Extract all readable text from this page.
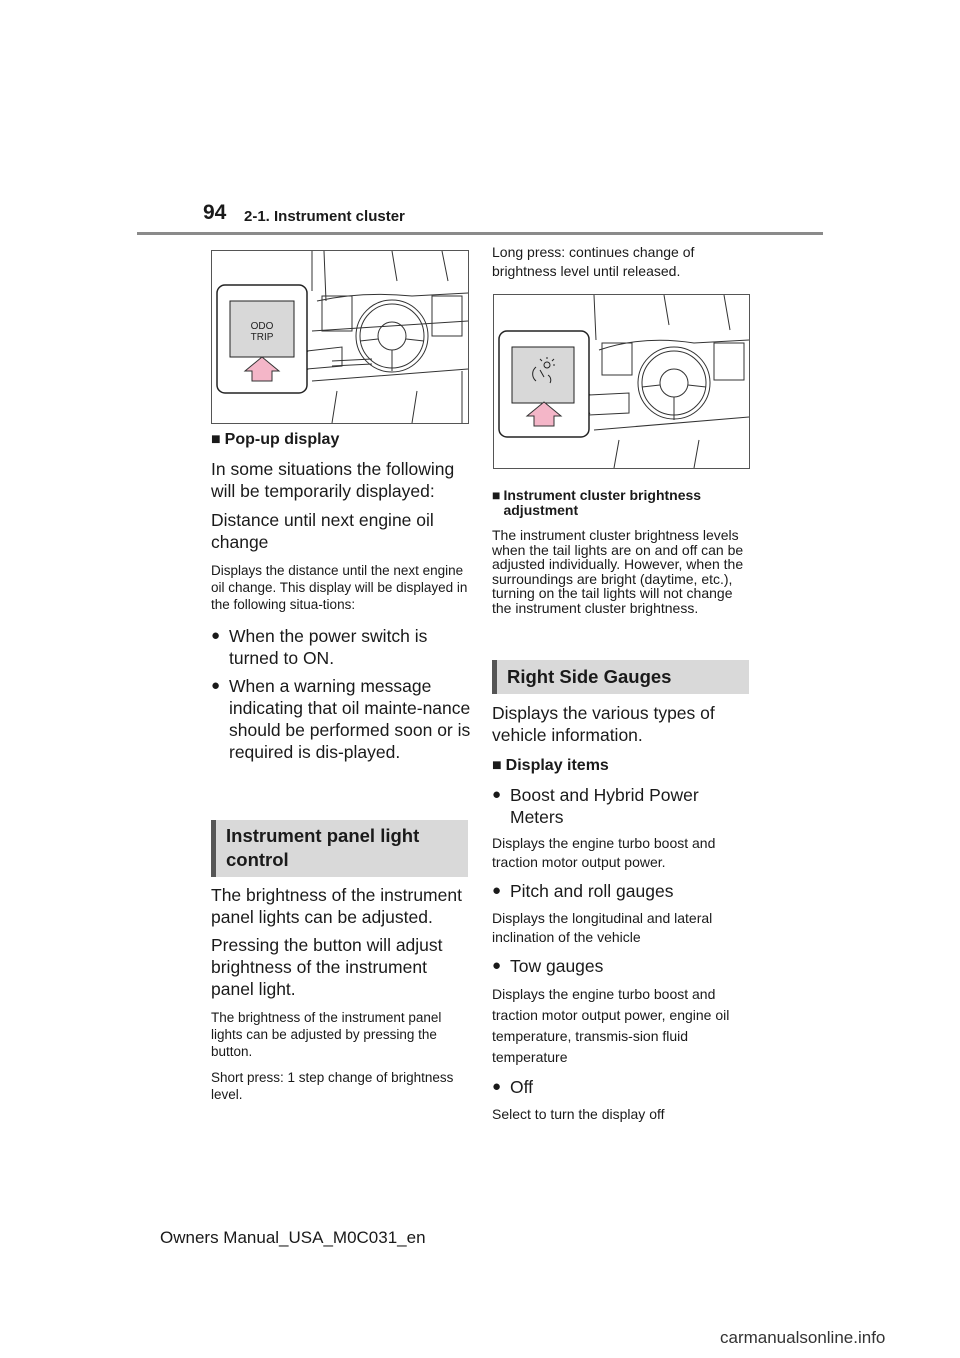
94 2-1. Instrument cluster
ODO
TRIP
■ Pop-up display

In some situations the following will be temporarily displayed:

Distance until next engine oil change

Displays the distance until the next engine oil change. This display will be displayed in the following situa-tions:

● When the power switch is turned to ON.
● When a warning message indicating that oil mainte-nance should be performed soon or is required is dis-played.
Instrument panel light control

The brightness of the instrument panel lights can be adjusted.

Pressing the button will adjust brightness of the instrument panel light.

The brightness of the instrument panel lights can be adjusted by pressing the button.

Short press: 1 step change of brightness level.

Long press: continues change of brightness level until released.

■ Instrument cluster brightness adjustment

The instrument cluster brightness levels when the tail lights are on and off can be adjusted individually. However, when the surroundings are bright (daytime, etc.), turning on the tail lights will not change the instrument cluster brightness.

Right Side Gauges

Displays the various types of vehicle information.

■ Display items
● Boost and Hybrid Power Meters

Displays the engine turbo boost and traction motor output power.

● Pitch and roll gauges

Displays the longitudinal and lateral inclination of the vehicle

● Tow gauges

Displays the engine turbo boost and traction motor output power, engine oil temperature, transmis-sion fluid temperature

● Off

Select to turn the display off

Owners Manual_USA_M0C031_en
carmanualsonline.info
